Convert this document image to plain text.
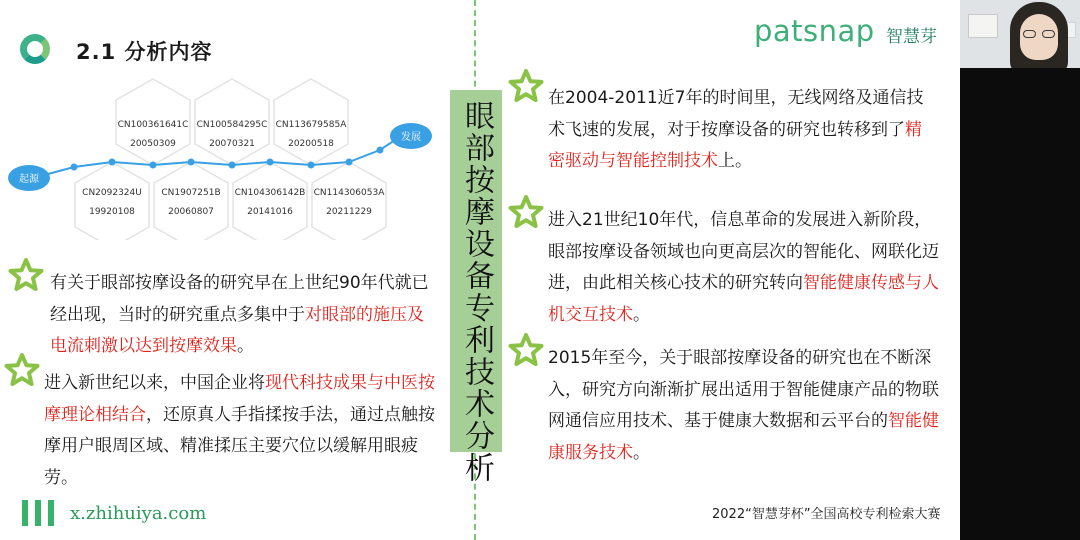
2.1 分析内容
patsnap 智慧芽
起源
发展
CN100361641C
20050309
CN100584295C
20070321
CN113679585A
20200518
CN2092324U
19920108
CN1907251B
20060807
CN104306142B
20141016
CN114306053A
20211229	眼部按摩设备专利技术分析
有关于眼部按摩设备的研究早在上世纪90年代就已经出现，当时的研究重点多集中于对眼部的施压及电流刺激以达到按摩效果。
进入新世纪以来，中国企业将现代科技成果与中医按摩理论相结合，还原真人手指揉按手法，通过点触按摩用户眼周区域、精准揉压主要穴位以缓解用眼疲劳。
在2004-2011近7年的时间里，无线网络及通信技术飞速的发展，对于按摩设备的研究也转移到了精密驱动与智能控制技术上。
进入21世纪10年代，信息革命的发展进入新阶段，眼部按摩设备领域也向更高层次的智能化、网联化迈进，由此相关核心技术的研究转向智能健康传感与人机交互技术。
2015年至今，关于眼部按摩设备的研究也在不断深入，研究方向渐渐扩展出适用于智能健康产品的物联网通信应用技术、基于健康大数据和云平台的智能健康服务技术。
x.zhihuiya.com	2022“智慧芽杯”全国高校专利检索大赛
